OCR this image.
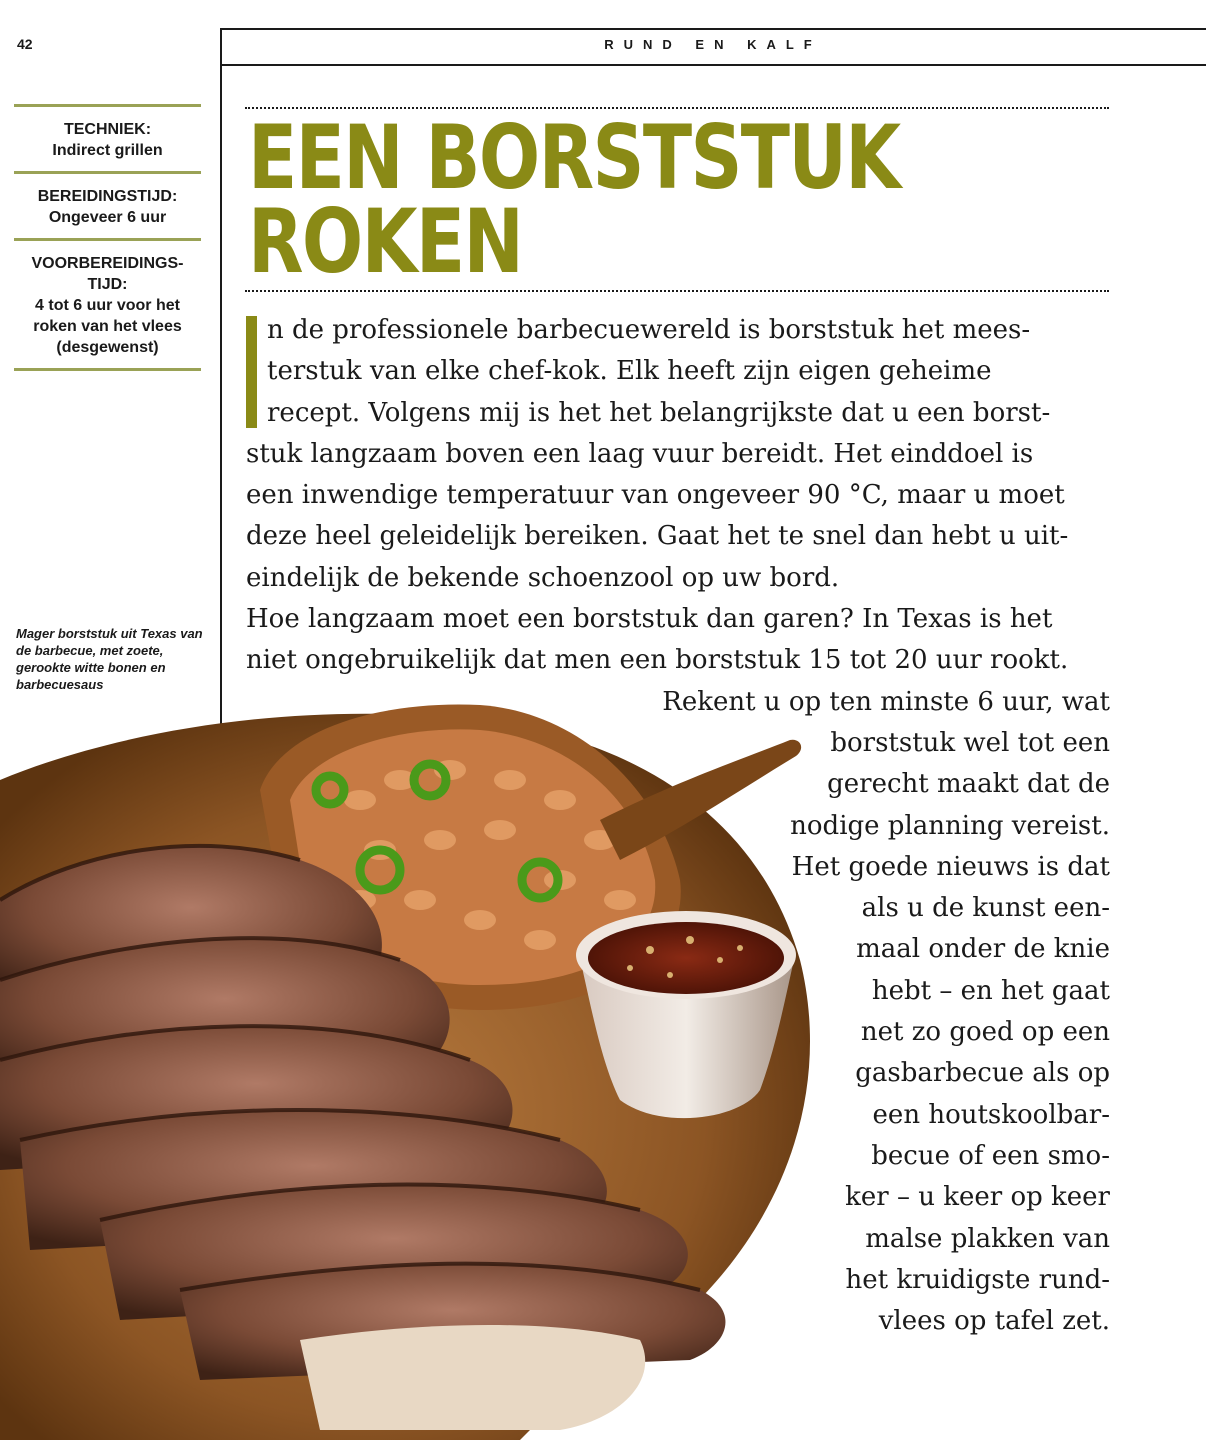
42	RUND EN KALF
TECHNIEK:
Indirect grillen
BEREIDINGSTIJD:
Ongeveer 6 uur
VOORBEREIDINGS-
TIJD:
4 tot 6 uur voor het roken van het vlees (desgewenst)
Mager borststuk uit Texas van de barbecue, met zoete, gerookte witte bonen en barbecuesaus
EEN BORSTSTUK
ROKEN

n de professionele barbecuewereld is borststuk het mees-
terstuk van elke chef-kok. Elk heeft zijn eigen geheime
recept. Volgens mij is het het belangrijkste dat u een borst-
stuk langzaam boven een laag vuur bereidt. Het einddoel is
een inwendige temperatuur van ongeveer 90 °C, maar u moet
deze heel geleidelijk bereiken. Gaat het te snel dan hebt u uit-
eindelijk de bekende schoenzool op uw bord.

Hoe langzaam moet een borststuk dan garen? In Texas is het
niet ongebruikelijk dat men een borststuk 15 tot 20 uur rookt.

Rekent u op ten minste 6 uur, wat
borststuk wel tot een
gerecht maakt dat de
nodige planning vereist.
Het goede nieuws is dat
als u de kunst een-
maal onder de knie
hebt – en het gaat
net zo goed op een
gasbarbecue als op
een houtskoolbar-
becue of een smo-
ker – u keer op keer
malse plakken van
het kruidigste rund-
vlees op tafel zet.
